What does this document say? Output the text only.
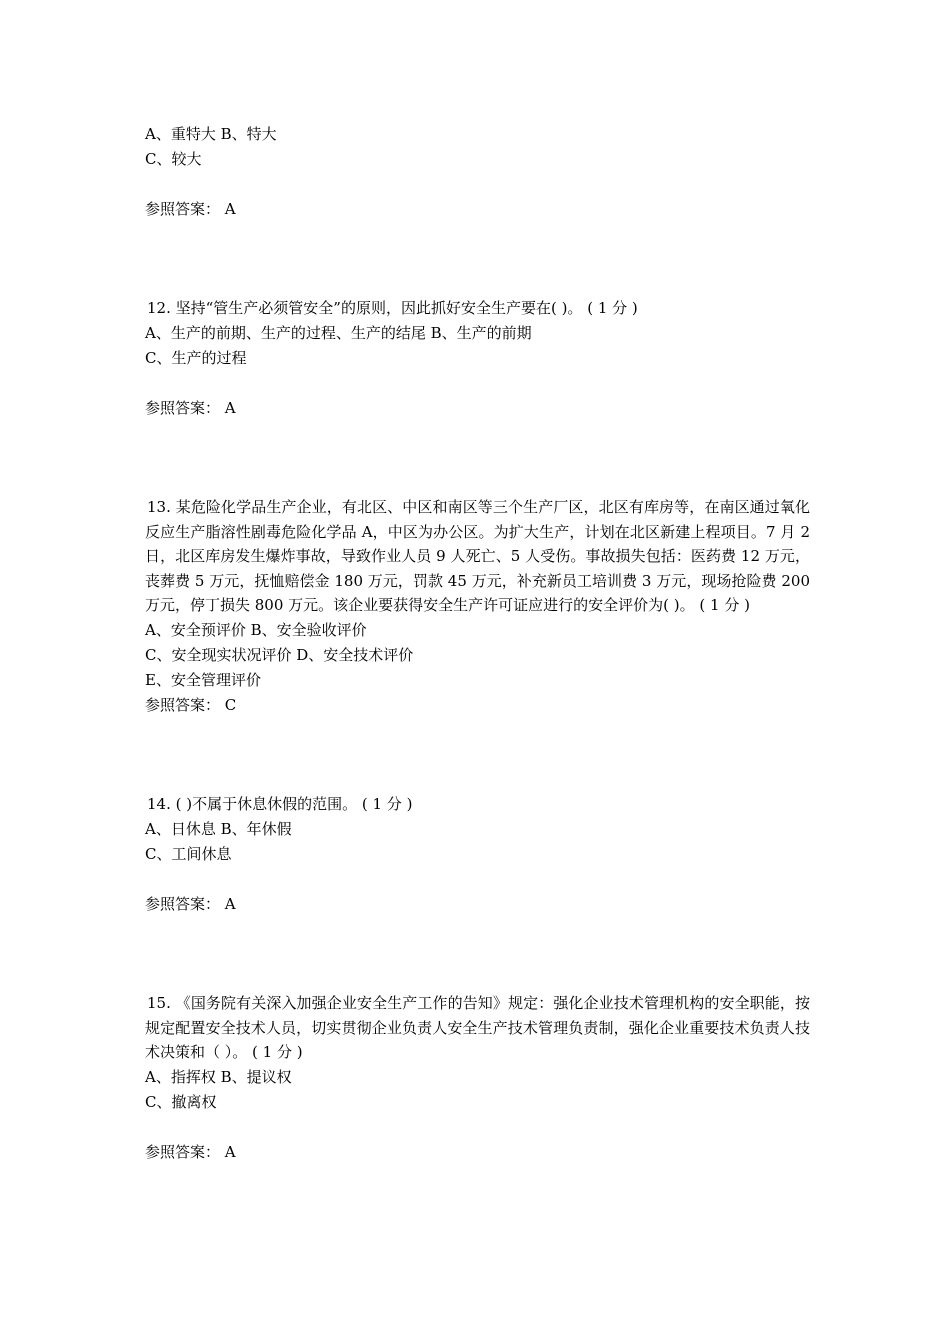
A、重特大 B、特大
C、较大
参照答案： A
12. 坚持“管生产必须管安全”的原则，因此抓好安全生产要在( )。 ( 1 分 )
A、生产的前期、生产的过程、生产的结尾 B、生产的前期
C、生产的过程
参照答案： A
13. 某危险化学品生产企业，有北区、中区和南区等三个生产厂区，北区有库房等，在南区通过氧化反应生产脂溶性剧毒危险化学品 A，中区为办公区。为扩大生产，计划在北区新建上程项目。7 月 2 日，北区库房发生爆炸事故，导致作业人员 9 人死亡、5 人受伤。事故损失包括：医药费 12 万元，丧葬费 5 万元，抚恤赔偿金 180 万元，罚款 45 万元，补充新员工培训费 3 万元，现场抢险费 200 万元，停丁损失 800 万元。该企业要获得安全生产许可证应进行的安全评价为( )。 ( 1 分 )
A、安全预评价 B、安全验收评价
C、安全现实状况评价 D、安全技术评价
E、安全管理评价
参照答案： C
14. ( )不属于休息休假的范围。 ( 1 分 )
A、日休息 B、年休假
C、工间休息
参照答案： A
15. 《国务院有关深入加强企业安全生产工作的告知》规定：强化企业技术管理机构的安全职能，按规定配置安全技术人员，切实贯彻企业负责人安全生产技术管理负责制，强化企业重要技术负责人技术决策和（ ）。 ( 1 分 )
A、指挥权 B、提议权
C、撤离权
参照答案： A
